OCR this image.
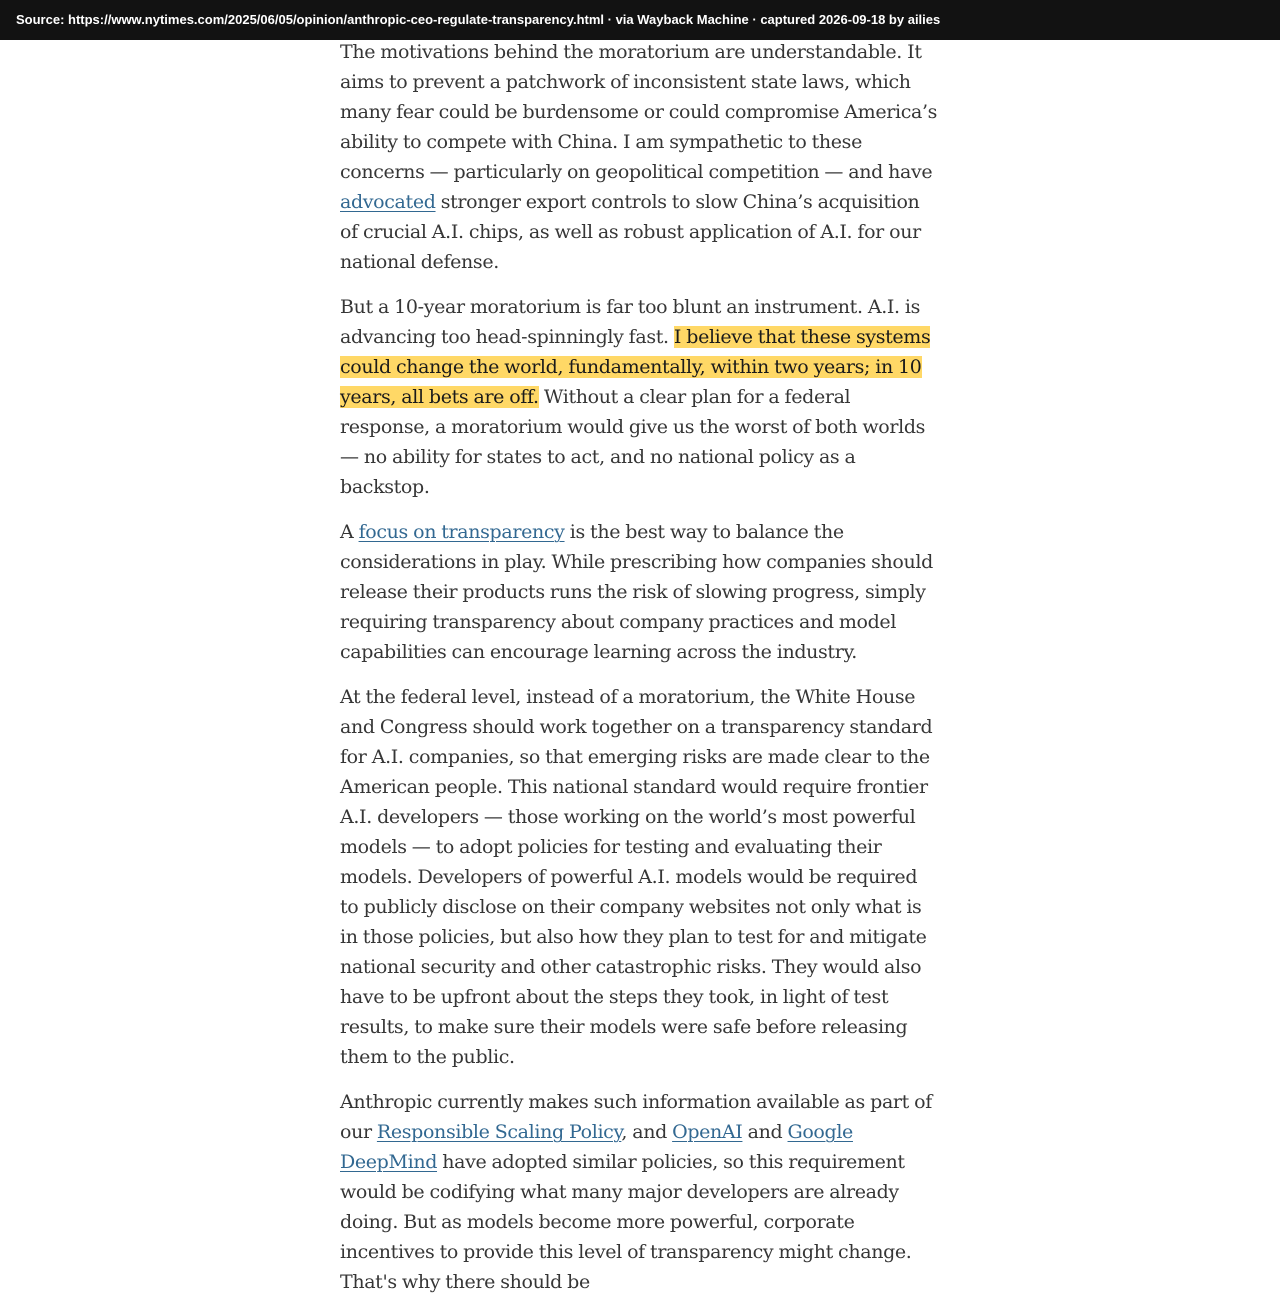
Source: https://www.nytimes.com/2025/06/05/opinion/anthropic-ceo-regulate-transparency.html · via Wayback Machine · captured 2026-09-18 by ailies

The motivations behind the moratorium are understandable. It aims to prevent a patchwork of inconsistent state laws, which many fear could be burdensome or could compromise America’s ability to compete with China. I am sympathetic to these concerns — particularly on geopolitical competition — and have advocated stronger export controls to slow China’s acquisition of crucial A.I. chips, as well as robust application of A.I. for our national defense.

But a 10-year moratorium is far too blunt an instrument. A.I. is advancing too head-spinningly fast. I believe that these systems could change the world, fundamentally, within two years; in 10 years, all bets are off. Without a clear plan for a federal response, a moratorium would give us the worst of both worlds — no ability for states to act, and no national policy as a backstop.

A focus on transparency is the best way to balance the considerations in play. While prescribing how companies should release their products runs the risk of slowing progress, simply requiring transparency about company practices and model capabilities can encourage learning across the industry.

At the federal level, instead of a moratorium, the White House and Congress should work together on a transparency standard for A.I. companies, so that emerging risks are made clear to the American people. This national standard would require frontier A.I. developers — those working on the world’s most powerful models — to adopt policies for testing and evaluating their models. Developers of powerful A.I. models would be required to publicly disclose on their company websites not only what is in those policies, but also how they plan to test for and mitigate national security and other catastrophic risks. They would also have to be upfront about the steps they took, in light of test results, to make sure their models were safe before releasing them to the public.

Anthropic currently makes such information available as part of our Responsible Scaling Policy, and OpenAI and Google DeepMind have adopted similar policies, so this requirement would be codifying what many major developers are already doing. But as models become more powerful, corporate incentives to provide this level of transparency might change. That's why there should be
